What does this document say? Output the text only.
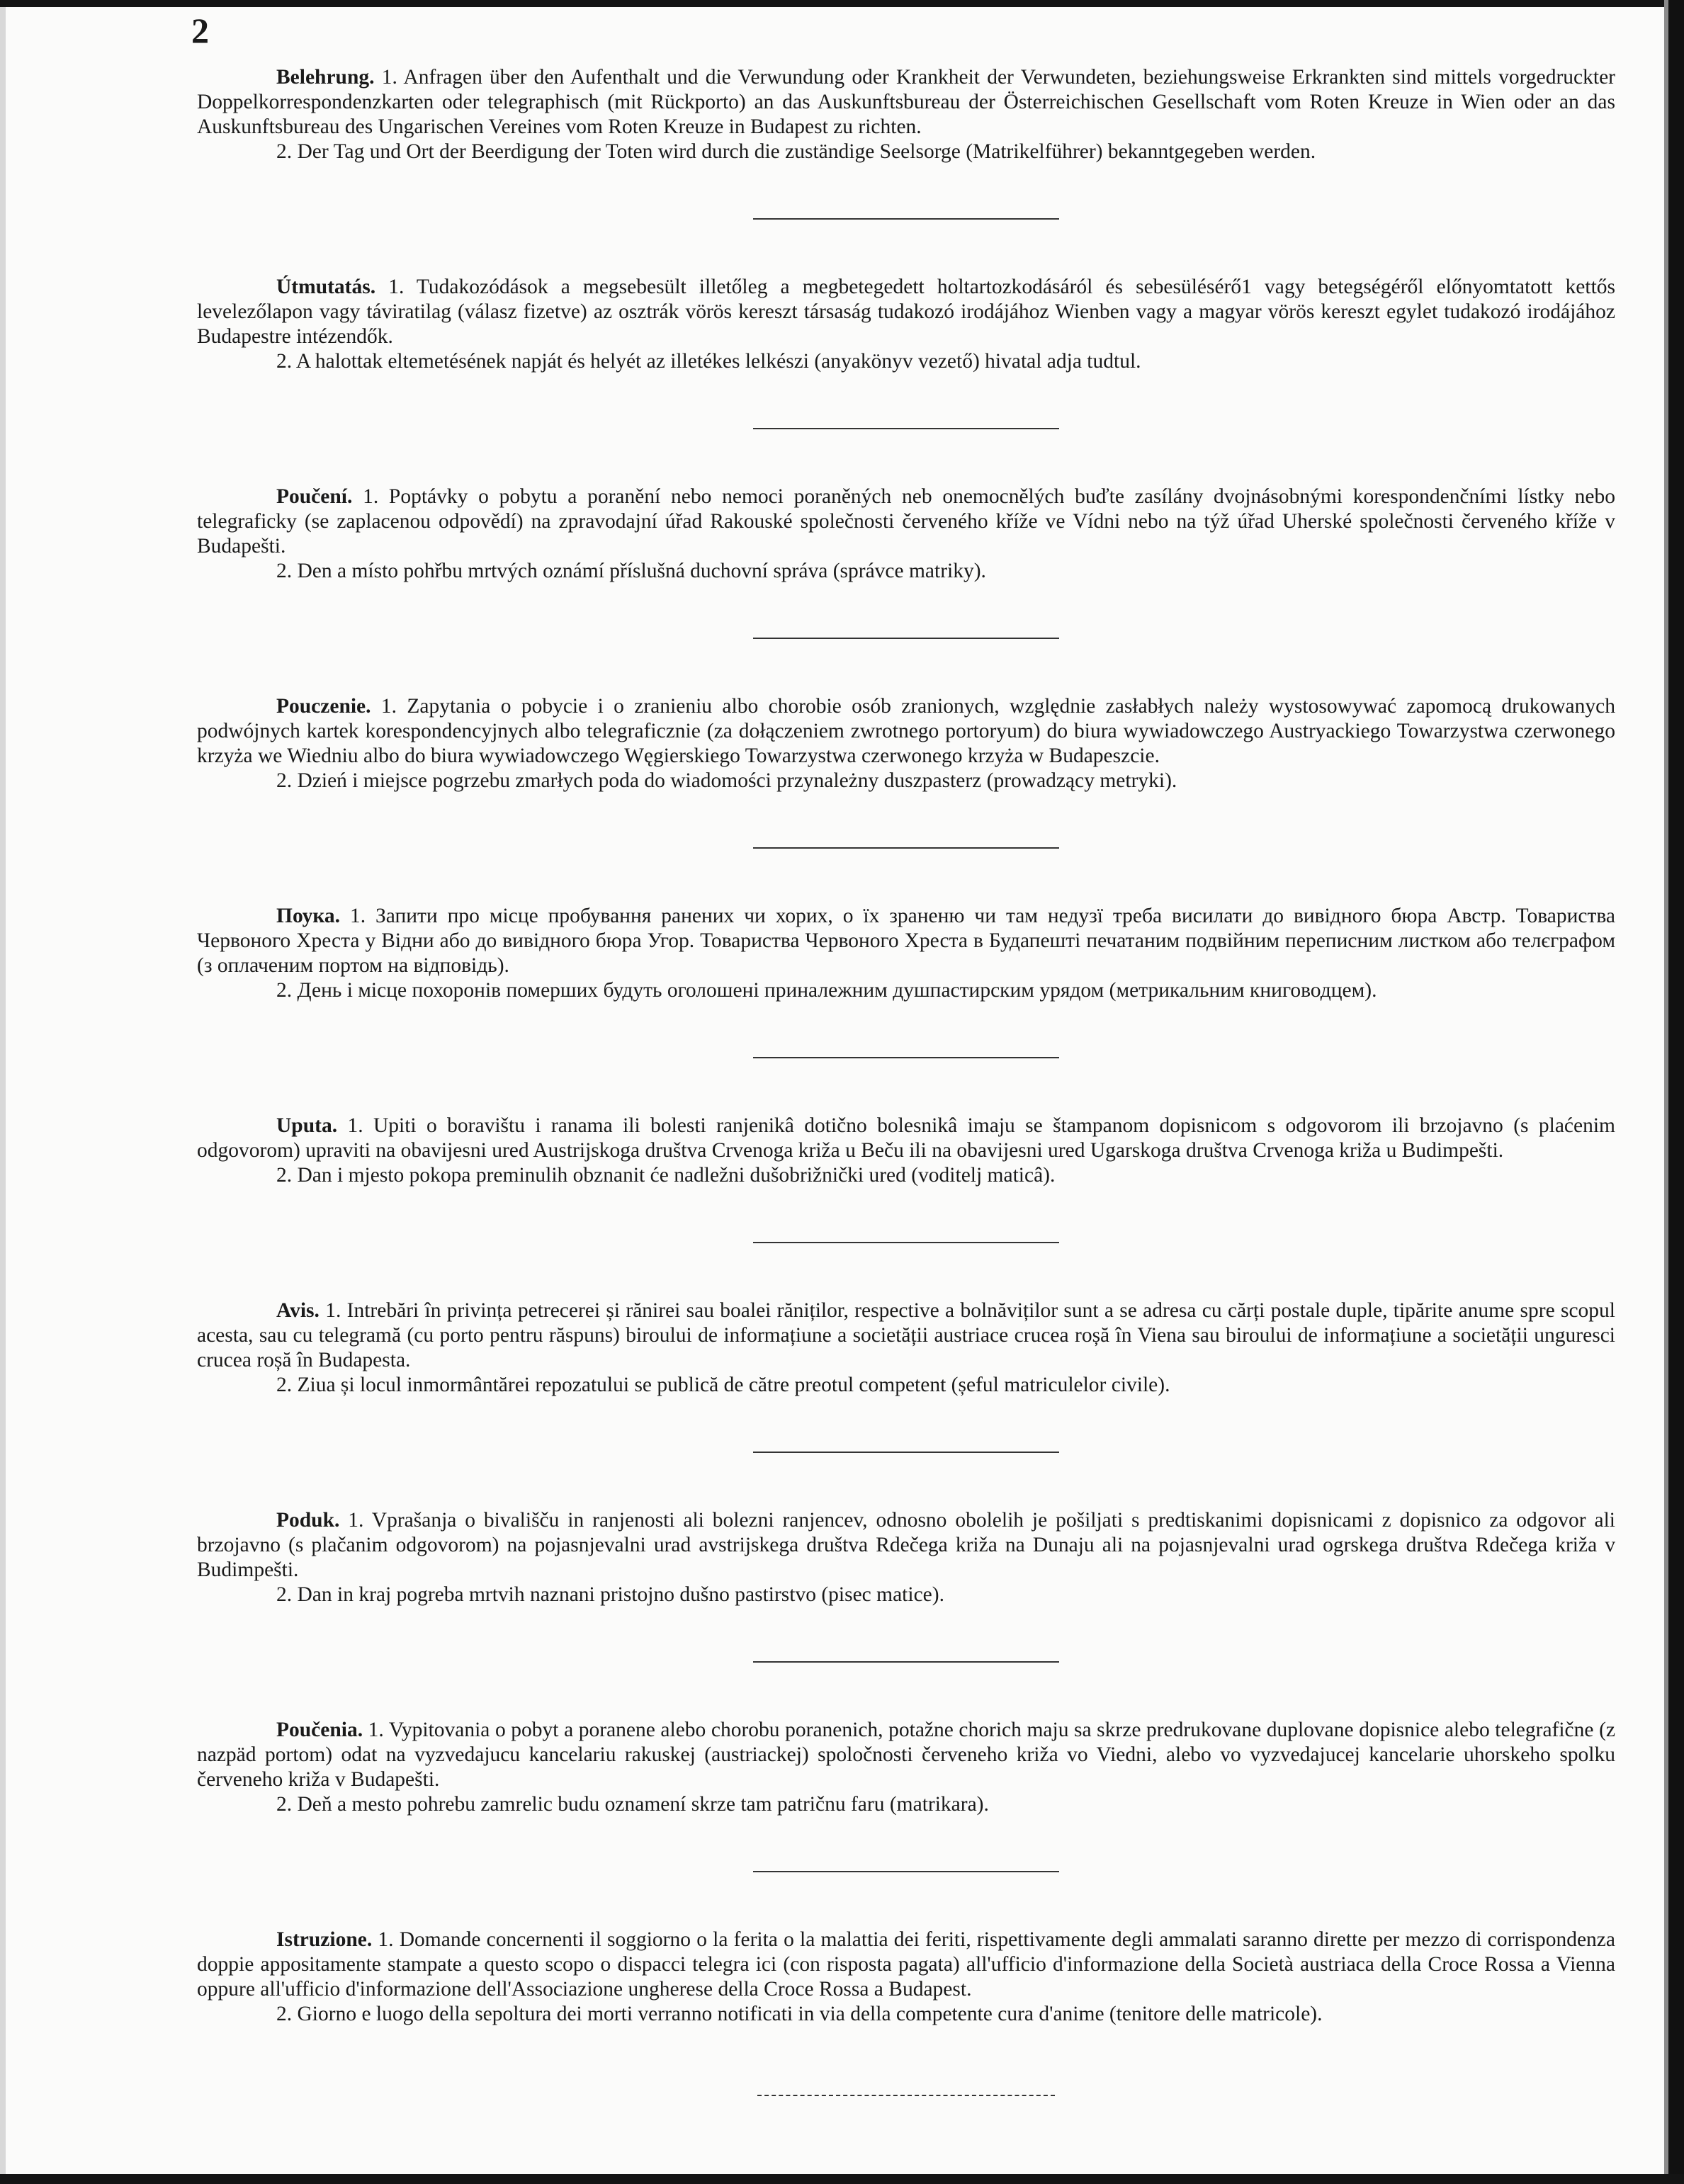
2

Belehrung. 1. Anfragen über den Aufenthalt und die Verwundung oder Krankheit der Verwundeten, beziehungsweise Erkrankten sind mittels vorgedruckter Doppelkorrespondenzkarten oder telegraphisch (mit Rückporto) an das Auskunftsbureau der Österreichischen Gesellschaft vom Roten Kreuze in Wien oder an das Auskunftsbureau des Ungarischen Vereines vom Roten Kreuze in Budapest zu richten.

2. Der Tag und Ort der Beerdigung der Toten wird durch die zuständige Seelsorge (Matrikelführer) bekanntgegeben werden.

Útmutatás. 1. Tudakozódások a megsebesült illetőleg a megbetegedett holtartozkodásáról és sebesülésérő1 vagy betegségéről előnyomtatott kettős levelezőlapon vagy táviratilag (válasz fizetve) az osztrák vörös kereszt társaság tudakozó irodájához Wienben vagy a magyar vörös kereszt egylet tudakozó irodájához Budapestre intézendők.

2. A halottak eltemetésének napját és helyét az illetékes lelkészi (anyakönyv vezető) hivatal adja tudtul.

Poučení. 1. Poptávky o pobytu a poranění nebo nemoci poraněných neb onemocnělých buďte zasílány dvojnásobnými korespondenčními lístky nebo telegraficky (se zaplacenou odpovědí) na zpravodajní úřad Rakouské společnosti červeného kříže ve Vídni nebo na týž úřad Uherské společnosti červeného kříže v Budapešti.

2. Den a místo pohřbu mrtvých oznámí příslušná duchovní správa (správce matriky).

Pouczenie. 1. Zapytania o pobycie i o zranieniu albo chorobie osób zranionych, względnie zasłabłych należy wystosowywać zapomocą drukowanych podwójnych kartek korespondencyjnych albo telegraficznie (za dołączeniem zwrotnego portoryum) do biura wywiadowczego Austryackiego Towarzystwa czerwonego krzyża we Wiedniu albo do biura wywiadowczego Węgierskiego Towarzystwa czerwonego krzyża w Budapeszcie.

2. Dzień i miejsce pogrzebu zmarłych poda do wiadomości przynależny duszpasterz (prowadzący metryki).

Поука. 1. Запити про місце пробування ранених чи хорих, о їх зраненю чи там недузї треба висилати до вивідного бюра Австр. Товариства Червоного Хреста у Відни або до вивідного бюра Угор. Товариства Червоного Хреста в Будапешті печатаним подвійним переписним листком або телєграфом (з оплаченим портом на відповідь).

2. День і місце похоронів померших будуть оголошені приналежним душпастирским урядом (метрикальним книговодцем).

Uputa. 1. Upiti o boravištu i ranama ili bolesti ranjenikâ dotično bolesnikâ imaju se štampanom dopisnicom s odgovorom ili brzojavno (s plaćenim odgovorom) upraviti na obavijesni ured Austrijskoga društva Crvenoga križa u Beču ili na obavijesni ured Ugarskoga društva Crvenoga križa u Budimpešti.

2. Dan i mjesto pokopa preminulih obznanit će nadležni dušobrižnički ured (voditelj maticâ).

Avis. 1. Intrebări în privința petrecerei și rănirei sau boalei răniților, respective a bolnăviților sunt a se adresa cu cărți postale duple, tipărite anume spre scopul acesta, sau cu telegramă (cu porto pentru răspuns) biroului de informațiune a societății austriace crucea roșă în Viena sau biroului de informațiune a societății ungurescі crucea roșă în Budapesta.

2. Ziua și locul inmormântărei repozatului se publică de către preotul competent (șeful matriculelor civile).

Poduk. 1. Vprašanja o bivališču in ranjenosti ali bolezni ranjencev, odnosno obolelih je pošiljati s predtiskanimi dopisnicami z dopisnico za odgovor ali brzojavno (s plačanim odgovorom) na pojasnjevalni urad avstrijskega društva Rdečega križa na Dunaju ali na pojasnjevalni urad ogrskega društva Rdečega križa v Budimpešti.

2. Dan in kraj pogreba mrtvih naznani pristojno dušno pastirstvo (pisec matice).

Poučenia. 1. Vypitovania o pobyt a poranene alebo chorobu poranenich, potažne chorich maju sa skrze predrukovane duplovane dopisnice alebo telegrafične (z nazpäd portom) odat na vyzvedajucu kancelariu rakuskej (austriackej) spoločnosti červeneho križa vo Viedni, alebo vo vyzvedajucej kancelarie uhorskeho spolku červeneho križa v Budapešti.

2. Deň a mesto pohrebu zamrelic budu oznamení skrze tam patričnu faru (matrikara).

Istruzione. 1. Domande concernenti il soggiorno o la ferita o la malattia dei feriti, rispettivamente degli ammalati saranno dirette per mezzo di corrispondenza doppie appositamente stampate a questo scopo o dispacci telegra ici (con risposta pagata) all'ufficio d'informazione della Società austriaca della Croce Rossa a Vienna oppure all'ufficio d'informazione dell'Associazione ungherese della Croce Rossa a Budapest.

2. Giorno e luogo della sepoltura dei morti verranno notificati in via della competente cura d'anime (tenitore delle matricole).
